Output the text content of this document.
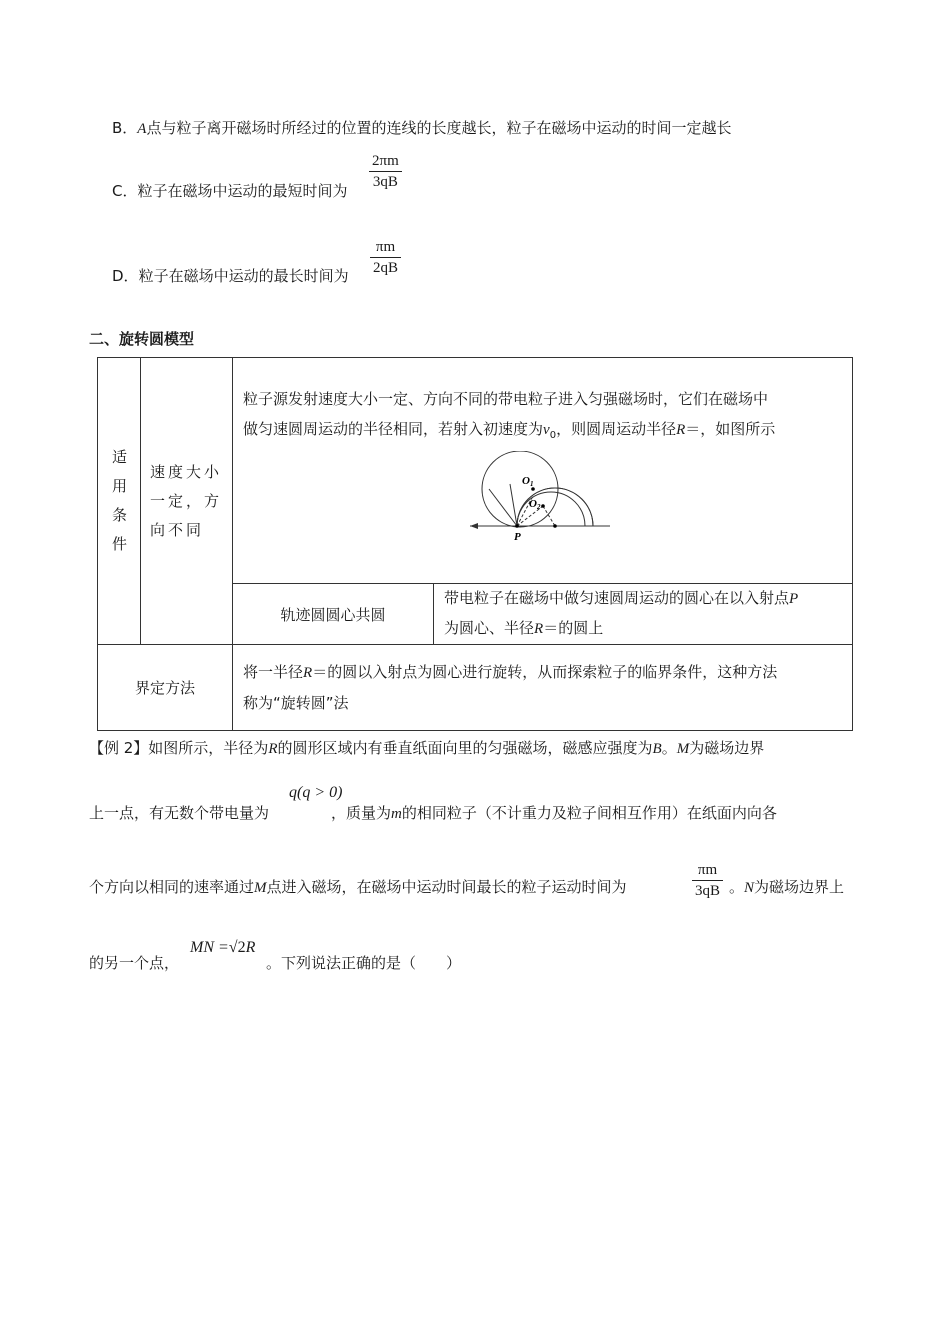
B．A点与粒子离开磁场时所经过的位置的连线的长度越长，粒子在磁场中运动的时间一定越长
C．粒子在磁场中运动的最短时间为 $\frac{2\pi m}{3qB}$
D．粒子在磁场中运动的最长时间为 $\frac{\pi m}{2qB}$
二、旋转圆模型
适用条件	速度大小一定，方向不同	粒子源发射速度大小一定、方向不同的带电粒子进入匀强磁场时，它们在磁场中
做匀速圆周运动的半径相同，若射入初速度为$v_0$，则圆周运动半径R＝，如图所示
O1
O2
P	

		轨迹圆圆心共圆	带电粒子在磁场中做匀速圆周运动的圆心在以入射点P
为圆心、半径R＝的圆上

界定方法		将一半径R＝的圆以入射点为圆心进行旋转，从而探索粒子的临界条件，这种方法
称为“旋转圆”法	
【例 2】如图所示，半径为R的圆形区域内有垂直纸面向里的匀强磁场，磁感应强度为B。M为磁场边界
q(q > 0)
上一点，有无数个带电量为	，质量为m的相同粒子（不计重力及粒子间相互作用）在纸面内向各
个方向以相同的速率通过M点进入磁场，在磁场中运动时间最长的粒子运动时间为	$\frac{\pi m}{3qB}$ 。N为磁场边界上
的另一个点，
MN =√2R
。下列说法正确的是（　　）
